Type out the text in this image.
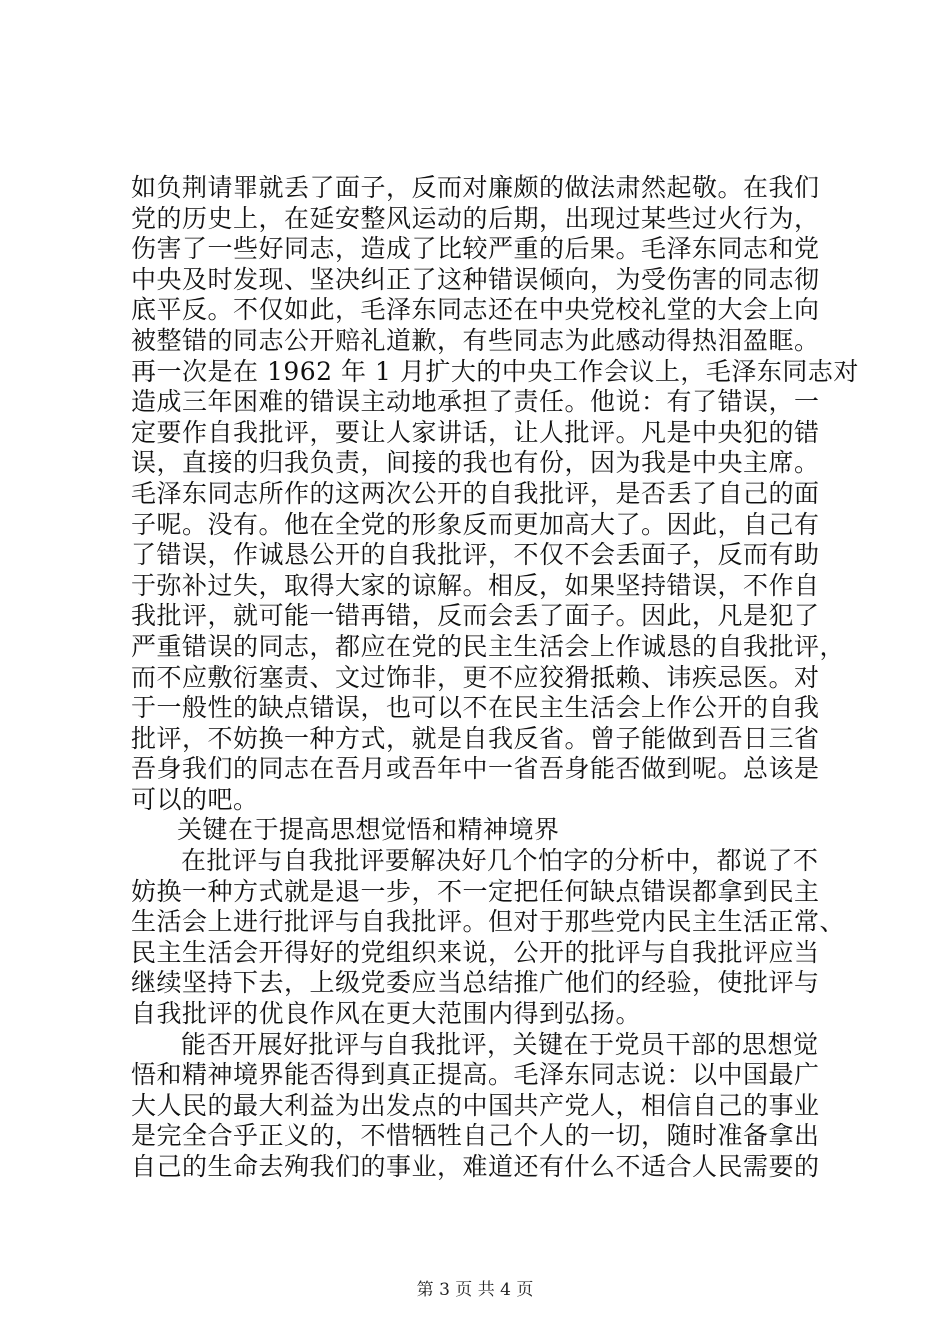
如负荆请罪就丢了面子，反而对廉颇的做法肃然起敬。在我们
党的历史上，在延安整风运动的后期，出现过某些过火行为，
伤害了一些好同志，造成了比较严重的后果。毛泽东同志和党
中央及时发现、坚决纠正了这种错误倾向，为受伤害的同志彻
底平反。不仅如此，毛泽东同志还在中央党校礼堂的大会上向
被整错的同志公开赔礼道歉，有些同志为此感动得热泪盈眶。
再一次是在 1962 年 1 月扩大的中央工作会议上，毛泽东同志对
造成三年困难的错误主动地承担了责任。他说：有了错误，一
定要作自我批评，要让人家讲话，让人批评。凡是中央犯的错
误，直接的归我负责，间接的我也有份，因为我是中央主席。
毛泽东同志所作的这两次公开的自我批评，是否丢了自己的面
子呢。没有。他在全党的形象反而更加高大了。因此，自己有
了错误，作诚恳公开的自我批评，不仅不会丢面子，反而有助
于弥补过失，取得大家的谅解。相反，如果坚持错误，不作自
我批评，就可能一错再错，反而会丢了面子。因此，凡是犯了
严重错误的同志，都应在党的民主生活会上作诚恳的自我批评，
而不应敷衍塞责、文过饰非，更不应狡猾抵赖、讳疾忌医。对
于一般性的缺点错误，也可以不在民主生活会上作公开的自我
批评，不妨换一种方式，就是自我反省。曾子能做到吾日三省
吾身我们的同志在吾月或吾年中一省吾身能否做到呢。总该是
可以的吧。
关键在于提高思想觉悟和精神境界
在批评与自我批评要解决好几个怕字的分析中，都说了不
妨换一种方式就是退一步，不一定把任何缺点错误都拿到民主
生活会上进行批评与自我批评。但对于那些党内民主生活正常、
民主生活会开得好的党组织来说，公开的批评与自我批评应当
继续坚持下去，上级党委应当总结推广他们的经验，使批评与
自我批评的优良作风在更大范围内得到弘扬。
能否开展好批评与自我批评，关键在于党员干部的思想觉
悟和精神境界能否得到真正提高。毛泽东同志说：以中国最广
大人民的最大利益为出发点的中国共产党人，相信自己的事业
是完全合乎正义的，不惜牺牲自己个人的一切，随时准备拿出
自己的生命去殉我们的事业，难道还有什么不适合人民需要的
第 3 页 共 4 页
